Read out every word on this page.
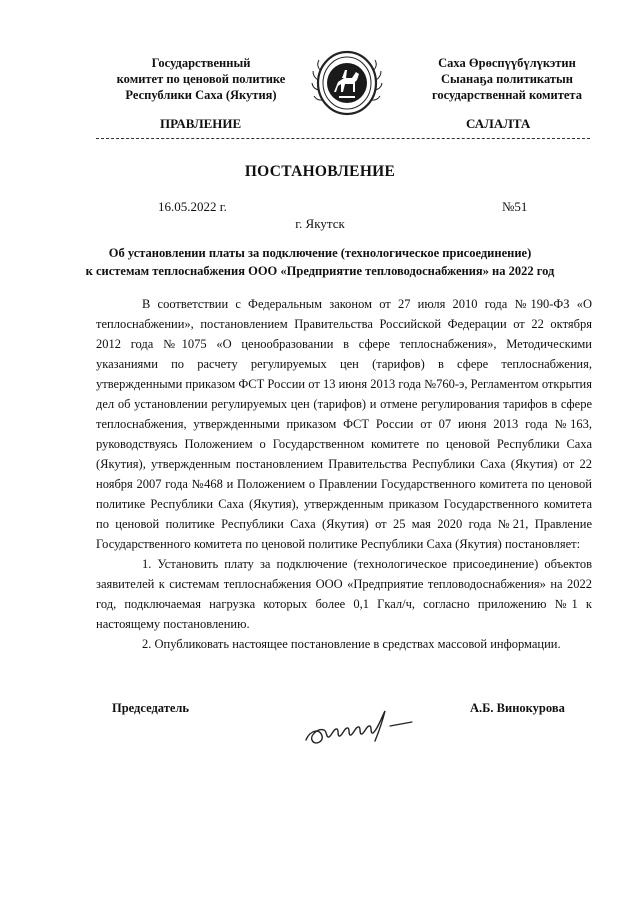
Государственный
комитет по ценовой политике
Республики Саха (Якутия)
Саха Өрөспүүбүлүкэтин
Сыанаҕа политикатын
государственнай комитета
ПРАВЛЕНИЕ	САЛАЛТА
ПОСТАНОВЛЕНИЕ
16.05.2022 г.	№51
г. Якутск
Об установлении платы за подключение (технологическое присоединение)
к системам теплоснабжения ООО «Предприятие тепловодоснабжения» на 2022 год

В соответствии с Федеральным законом от 27 июля 2010 года №190-ФЗ «О теплоснабжении», постановлением Правительства Российской Федерации от 22 октября 2012 года №1075 «О ценообразовании в сфере теплоснабжения», Методическими указаниями по расчету регулируемых цен (тарифов) в сфере теплоснабжения, утвержденными приказом ФСТ России от 13 июня 2013 года №760-э, Регламентом открытия дел об установлении регулируемых цен (тарифов) и отмене регулирования тарифов в сфере теплоснабжения, утвержденными приказом ФСТ России от 07 июня 2013 года №163, руководствуясь Положением о Государственном комитете по ценовой Республики Саха (Якутия), утвержденным постановлением Правительства Республики Саха (Якутия) от 22 ноября 2007 года №468 и Положением о Правлении Государственного комитета по ценовой политике Республики Саха (Якутия), утвержденным приказом Государственного комитета по ценовой политике Республики Саха (Якутия) от 25 мая 2020 года №21, Правление Государственного комитета по ценовой политике Республики Саха (Якутия) постановляет:

1. Установить плату за подключение (технологическое присоединение) объектов заявителей к системам теплоснабжения ООО «Предприятие тепловодоснабжения» на 2022 год, подключаемая нагрузка которых более 0,1 Гкал/ч, согласно приложению №1 к настоящему постановлению.

2. Опубликовать настоящее постановление в средствах массовой информации.

Председатель	А.Б. Винокурова
